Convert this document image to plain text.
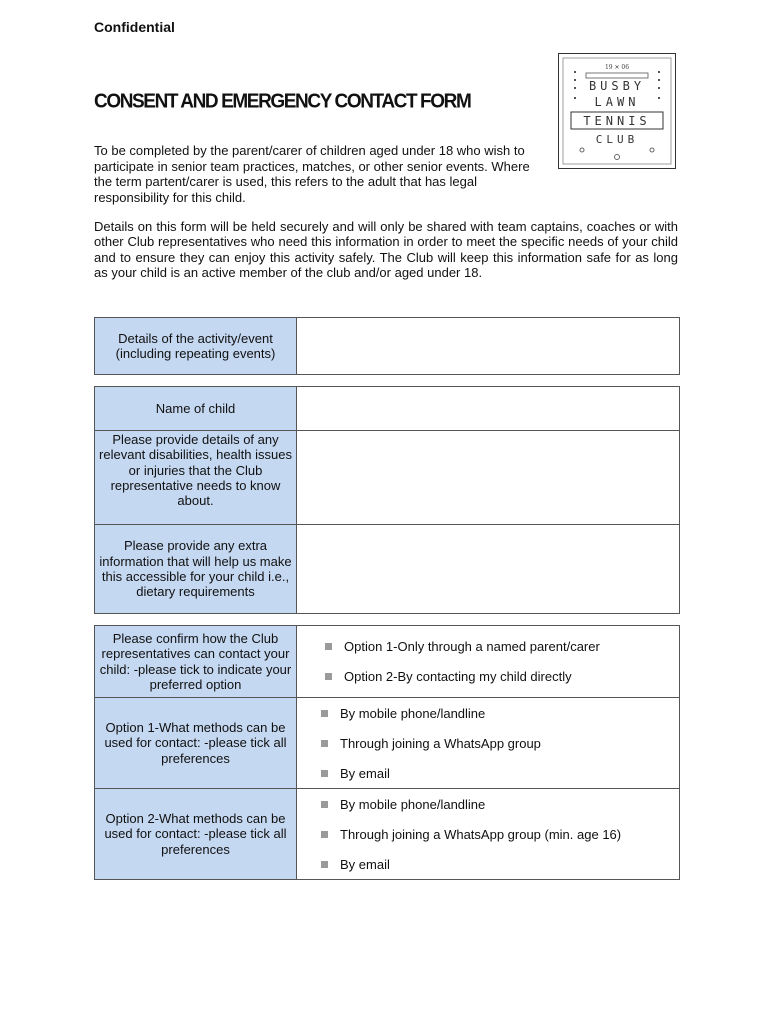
Confidential
19 ✕ 06
BUSBY
LAWN
TENNIS
CLUB
CONSENT AND EMERGENCY CONTACT FORM
To be completed by the parent/carer of children aged under 18 who wish to participate in senior team practices, matches, or other senior events. Where the term partent/carer is used, this refers to the adult that has legal responsibility for this child.
Details on this form will be held securely and will only be shared with team captains, coaches or with other Club representatives who need this information in order to meet the specific needs of your child and to ensure they can enjoy this activity safely. The Club will keep this information safe for as long as your child is an active member of the club and/or aged under 18.
Details of the activity/event (including repeating events)	
Name of child	
Please provide details of any relevant disabilities, health issues or injuries that the Club representative needs to know about.	
Please provide any extra information that will help us make this accessible for your child i.e., dietary requirements	
Please confirm how the Club representatives can contact your child: -please tick to indicate your preferred option	Option 1-Only through a named parent/carer
Option 2-By contacting my child directly

Option 1-What methods can be used for contact: -please tick all preferences	By mobile phone/landline
Through joining a WhatsApp group
By email

Option 2-What methods can be used for contact: -please tick all preferences	By mobile phone/landline
Through joining a WhatsApp group (min. age 16)
By email
